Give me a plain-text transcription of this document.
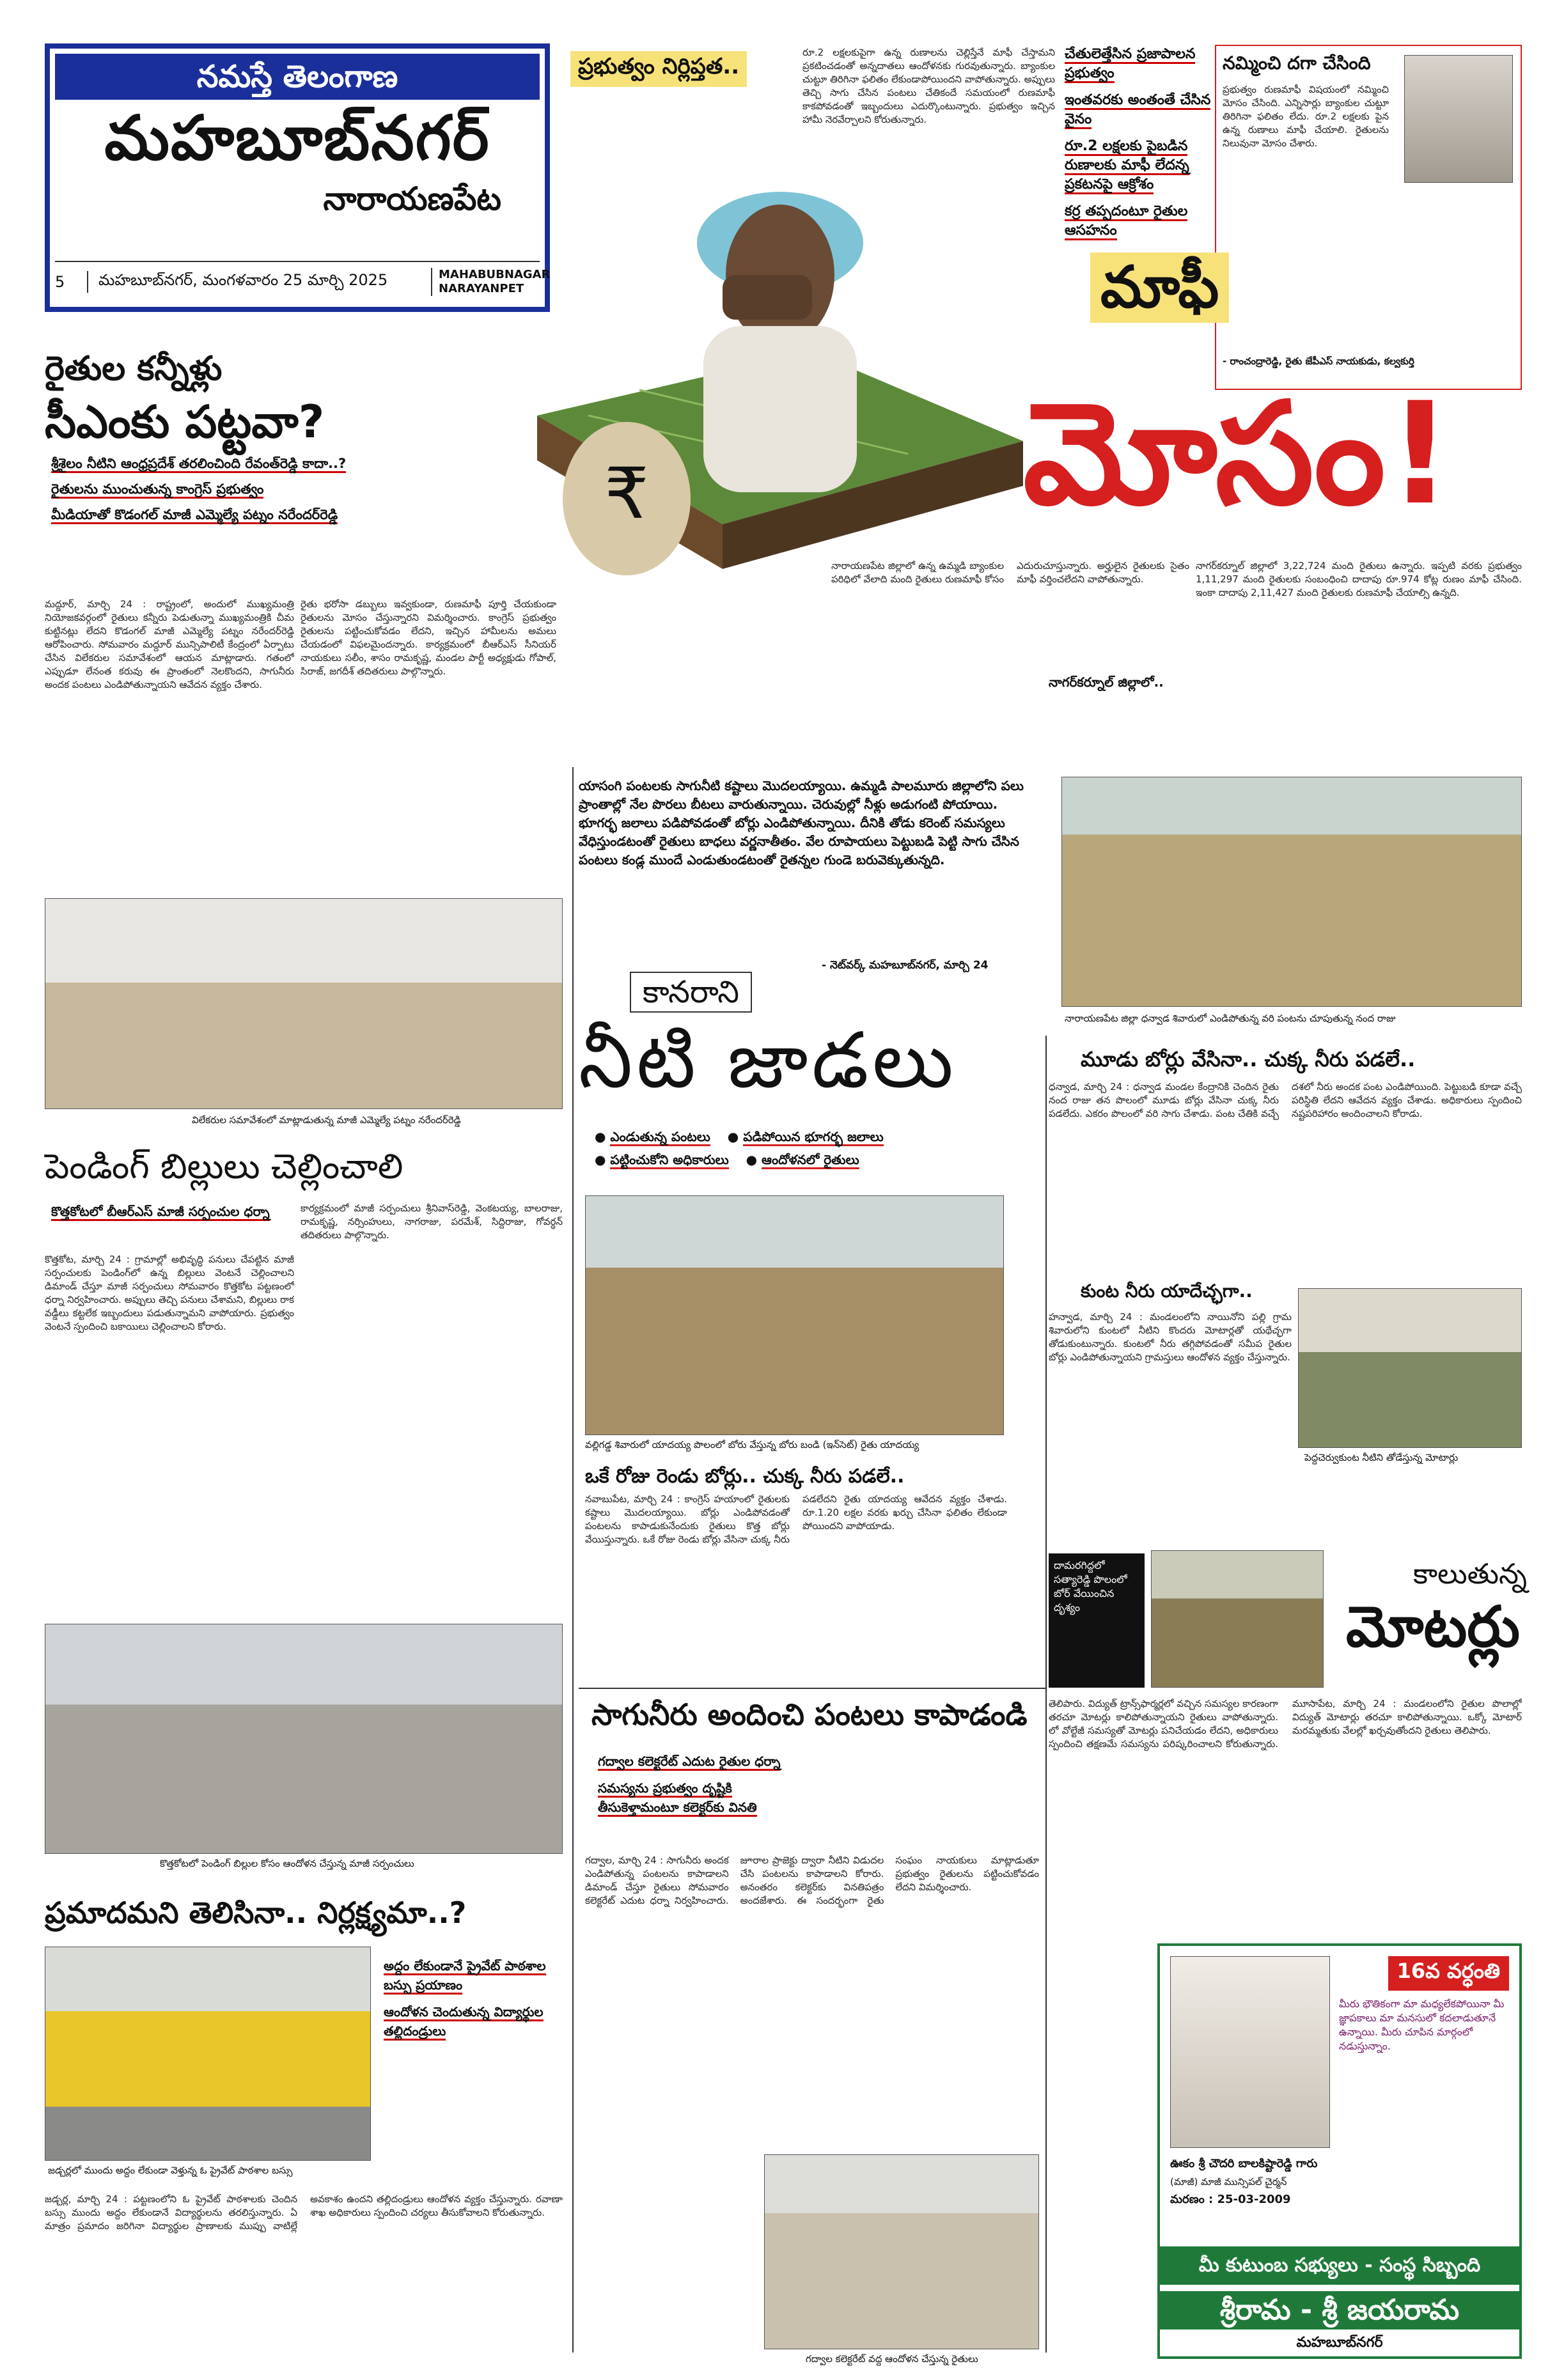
నమస్తే తెలంగాణ
మహబూబ్‌నగర్
నారాయణపేట
5	మహబూబ్‌నగర్, మంగళవారం 25 మార్చి 2025	MAHABUBNAGAR
NARAYANPET
ప్రభుత్వం నిర్లిప్తత..
₹
రూ.2 లక్షలకుపైగా ఉన్న రుణాలను చెల్లిస్తేనే మాఫీ చేస్తామని ప్రకటించడంతో అన్నదాతలు ఆందోళనకు గురవుతున్నారు. బ్యాంకుల చుట్టూ తిరిగినా ఫలితం లేకుండాపోయిందని వాపోతున్నారు. అప్పులు తెచ్చి సాగు చేసిన పంటలు చేతికందే సమయంలో రుణమాఫీ కాకపోవడంతో ఇబ్బందులు ఎదుర్కొంటున్నారు. ప్రభుత్వం ఇచ్చిన హామీ నెరవేర్చాలని కోరుతున్నారు.
చేతులెత్తేసిన ప్రజాపాలన ప్రభుత్వం
ఇంతవరకు అంతంతే చేసిన వైనం
రూ.2 లక్షలకు పైబడిన రుణాలకు మాఫీ లేదన్న ప్రకటనపై ఆక్రోశం
కర్ర తప్పదంటూ రైతుల ఆసహనం
నమ్మించి దగా చేసింది
ప్రభుత్వం రుణమాఫీ విషయంలో నమ్మించి మోసం చేసింది. ఎన్నిసార్లు బ్యాంకుల చుట్టూ తిరిగినా ఫలితం లేదు. రూ.2 లక్షలకు పైన ఉన్న రుణాలు మాఫీ చేయాలి. రైతులను నిలువునా మోసం చేశారు.
- రాంచంద్రారెడ్డి, రైతు జేపీఎస్ నాయకుడు, కల్వకుర్తి
మాఫీ
మోసం!
నారాయణపేట జిల్లాలో ఉన్న ఉమ్మడి బ్యాంకుల పరిధిలో వేలాది మంది రైతులు రుణమాఫీ కోసం ఎదురుచూస్తున్నారు. అర్హులైన రైతులకు సైతం మాఫీ వర్తించలేదని వాపోతున్నారు.
నాగర్‌కర్నూల్ జిల్లాలో..
నాగర్‌కర్నూల్ జిల్లాలో 3,22,724 మంది రైతులు ఉన్నారు. ఇప్పటి వరకు ప్రభుత్వం 1,11,297 మంది రైతులకు సంబంధించి దాదాపు రూ.974 కోట్ల రుణం మాఫీ చేసింది. ఇంకా దాదాపు 2,11,427 మంది రైతులకు రుణమాఫీ చేయాల్సి ఉన్నది.
రైతుల కన్నీళ్లు
సీఎంకు పట్టవా?
శ్రీశైలం నీటిని ఆంధ్రప్రదేశ్ తరలించింది రేవంత్‌రెడ్డి కాదా..?
రైతులను ముంచుతున్న కాంగ్రెస్ ప్రభుత్వం
మీడియాతో కొడంగల్ మాజీ ఎమ్మెల్యే పట్నం నరేందర్‌రెడ్డి
మద్దూర్, మార్చి 24 : రాష్ట్రంలో, అందులో ముఖ్యమంత్రి నియోజకవర్గంలో రైతులు కన్నీరు పెడుతున్నా ముఖ్యమంత్రికి చీమ కుట్టినట్లు లేదని కొడంగల్ మాజీ ఎమ్మెల్యే పట్నం నరేందర్‌రెడ్డి ఆరోపించారు. సోమవారం మద్దూర్ మున్సిపాలిటీ కేంద్రంలో ఏర్పాటు చేసిన విలేకరుల సమావేశంలో ఆయన మాట్లాడారు. గతంలో ఎప్పుడూ లేనంత కరువు ఈ ప్రాంతంలో నెలకొందని, సాగునీరు అందక పంటలు ఎండిపోతున్నాయని ఆవేదన వ్యక్తం చేశారు.
రైతు భరోసా డబ్బులు ఇవ్వకుండా, రుణమాఫీ పూర్తి చేయకుండా రైతులను మోసం చేస్తున్నారని విమర్శించారు. కాంగ్రెస్ ప్రభుత్వం రైతులను పట్టించుకోవడం లేదని, ఇచ్చిన హామీలను అమలు చేయడంలో విఫలమైందన్నారు. కార్యక్రమంలో బీఆర్ఎస్ సీనియర్ నాయకులు సలీం, శాసం రామకృష్ణ, మండల పార్టీ అధ్యక్షుడు గోపాల్, సిరాజ్, జగదీశ్ తదితరులు పాల్గొన్నారు.
విలేకరుల సమావేశంలో మాట్లాడుతున్న మాజీ ఎమ్మెల్యే పట్నం నరేందర్‌రెడ్డి
యాసంగి పంటలకు సాగునీటి కష్టాలు మొదలయ్యాయి. ఉమ్మడి పాలమూరు జిల్లాలోని పలు ప్రాంతాల్లో నేల పొరలు బీటలు వారుతున్నాయి. చెరువుల్లో నీళ్లు అడుగంటి పోయాయి. భూగర్భ జలాలు పడిపోవడంతో బోర్లు ఎండిపోతున్నాయి. దీనికి తోడు కరెంట్ సమస్యలు వేధిస్తుండటంతో రైతులు బాధలు వర్ణనాతీతం. వేల రూపాయలు పెట్టుబడి పెట్టి సాగు చేసిన పంటలు కండ్ల ముందే ఎండుతుండటంతో రైతన్నల గుండె బరువెక్కుతున్నది.
- నెట్‌వర్క్ మహబూబ్‌నగర్, మార్చి 24
నారాయణపేట జిల్లా ధన్వాడ శివారులో ఎండిపోతున్న వరి పంటను చూపుతున్న నంద రాజు
కానరాని
నీటి జాడలు
● ఎండుతున్న పంటలు ● పడిపోయిన భూగర్భ జలాలు
● పట్టించుకోని అధికారులు ● ఆందోళనలో రైతులు
వల్లిగడ్డ శివారులో యాదయ్య పొలంలో బోరు వేస్తున్న బోరు బండి (ఇన్‌సెట్) రైతు యాదయ్య
ఒకే రోజు రెండు బోర్లు.. చుక్క నీరు పడలే..
నవాబుపేట, మార్చి 24 : కాంగ్రెస్ హయాంలో రైతులకు కష్టాలు మొదలయ్యాయి. బోర్లు ఎండిపోవడంతో పంటలను కాపాడుకునేందుకు రైతులు కొత్త బోర్లు వేయిస్తున్నారు. ఒకే రోజు రెండు బోర్లు వేసినా చుక్క నీరు పడలేదని రైతు యాదయ్య ఆవేదన వ్యక్తం చేశాడు. రూ.1.20 లక్షల వరకు ఖర్చు చేసినా ఫలితం లేకుండా పోయిందని వాపోయాడు.
మూడు బోర్లు వేసినా.. చుక్క నీరు పడలే..
ధన్వాడ, మార్చి 24 : ధన్వాడ మండల కేంద్రానికి చెందిన రైతు నంద రాజు తన పొలంలో మూడు బోర్లు వేసినా చుక్క నీరు పడలేదు. ఎకరం పొలంలో వరి సాగు చేశాడు. పంట చేతికి వచ్చే దశలో నీరు అందక పంట ఎండిపోయింది. పెట్టుబడి కూడా వచ్చే పరిస్థితి లేదని ఆవేదన వ్యక్తం చేశాడు. అధికారులు స్పందించి నష్టపరిహారం అందించాలని కోరాడు.
కుంట నీరు యాదేచ్ఛగా..
హన్వాడ, మార్చి 24 : మండలంలోని నాయినోని పల్లి గ్రామ శివారులోని కుంటలో నీటిని కొందరు మోటార్లతో యథేచ్ఛగా తోడుకుంటున్నారు. కుంటలో నీరు తగ్గిపోవడంతో సమీప రైతుల బోర్లు ఎండిపోతున్నాయని గ్రామస్తులు ఆందోళన వ్యక్తం చేస్తున్నారు.
పెద్దచెర్వుకుంట నీటిని తోడేస్తున్న మోటార్లు
దామరగిద్దలో సత్యారెడ్డి పొలంలో బోర్ వేయించిన దృశ్యం
కాలుతున్న
మోటర్లు
తెలిపారు. విద్యుత్ ట్రాన్స్‌ఫార్మర్లలో వచ్చిన సమస్యల కారణంగా తరచూ మోటర్లు కాలిపోతున్నాయని రైతులు వాపోతున్నారు. లో వోల్టేజీ సమస్యతో మోటర్లు పనిచేయడం లేదని, అధికారులు స్పందించి తక్షణమే సమస్యను పరిష్కరించాలని కోరుతున్నారు. మూసాపేట, మార్చి 24 : మండలంలోని రైతుల పొలాల్లో విద్యుత్ మోటార్లు తరచూ కాలిపోతున్నాయి. ఒక్కో మోటార్ మరమ్మతుకు వేలల్లో ఖర్చవుతోందని రైతులు తెలిపారు.
పెండింగ్ బిల్లులు చెల్లించాలి
కొత్తకోటలో బీఆర్ఎస్ మాజీ సర్పంచుల ధర్నా
కొత్తకోట, మార్చి 24 : గ్రామాల్లో అభివృద్ధి పనులు చేపట్టిన మాజీ సర్పంచులకు పెండింగ్‌లో ఉన్న బిల్లులు వెంటనే చెల్లించాలని డిమాండ్ చేస్తూ మాజీ సర్పంచులు సోమవారం కొత్తకోట పట్టణంలో ధర్నా నిర్వహించారు. అప్పులు తెచ్చి పనులు చేశామని, బిల్లులు రాక వడ్డీలు కట్టలేక ఇబ్బందులు పడుతున్నామని వాపోయారు. ప్రభుత్వం వెంటనే స్పందించి బకాయిలు చెల్లించాలని కోరారు.
కార్యక్రమంలో మాజీ సర్పంచులు శ్రీనివాస్‌రెడ్డి, వెంకటయ్య, బాలరాజు, రామకృష్ణ, నర్సింహులు, నాగరాజు, పరమేశ్, సిద్దిరాజు, గోవర్ధన్ తదితరులు పాల్గొన్నారు.
కొత్తకోటలో పెండింగ్ బిల్లుల కోసం ఆందోళన చేస్తున్న మాజీ సర్పంచులు
ప్రమాదమని తెలిసినా.. నిర్లక్ష్యమా..?
జడ్చర్లలో ముందు అద్దం లేకుండా వెళ్తున్న ఓ ప్రైవేట్ పాఠశాల బస్సు
అద్దం లేకుండానే ప్రైవేట్ పాఠశాల బస్సు ప్రయాణం
ఆందోళన చెందుతున్న విద్యార్థుల తల్లిదండ్రులు
జడ్చర్ల, మార్చి 24 : పట్టణంలోని ఓ ప్రైవేట్ పాఠశాలకు చెందిన బస్సు ముందు అద్దం లేకుండానే విద్యార్థులను తరలిస్తున్నారు. ఏ మాత్రం ప్రమాదం జరిగినా విద్యార్థుల ప్రాణాలకు ముప్పు వాటిల్లే అవకాశం ఉందని తల్లిదండ్రులు ఆందోళన వ్యక్తం చేస్తున్నారు. రవాణా శాఖ అధికారులు స్పందించి చర్యలు తీసుకోవాలని కోరుతున్నారు.
సాగునీరు అందించి పంటలు కాపాడండి
గద్వాల కలెక్టరేట్ ఎదుట రైతుల ధర్నా
సమస్యను ప్రభుత్వం దృష్టికి తీసుకెళ్తామంటూ కలెక్టర్‌కు వినతి
గద్వాల, మార్చి 24 : సాగునీరు అందక ఎండిపోతున్న పంటలను కాపాడాలని డిమాండ్ చేస్తూ రైతులు సోమవారం కలెక్టరేట్ ఎదుట ధర్నా నిర్వహించారు. జూరాల ప్రాజెక్టు ద్వారా నీటిని విడుదల చేసి పంటలను కాపాడాలని కోరారు. అనంతరం కలెక్టర్‌కు వినతిపత్రం అందజేశారు. ఈ సందర్భంగా రైతు సంఘం నాయకులు మాట్లాడుతూ ప్రభుత్వం రైతులను పట్టించుకోవడం లేదని విమర్శించారు.
గద్వాల కలెక్టరేట్ వద్ద ఆందోళన చేస్తున్న రైతులు
16వ వర్ధంతి
మీరు భౌతికంగా మా మధ్యలేకపోయినా మీ జ్ఞాపకాలు మా మనసులో కదలాడుతూనే ఉన్నాయి. మీరు చూపిన మార్గంలో నడుస్తున్నాం.
ఊకం శ్రీ చౌదరి బాలకిష్టారెడ్డి గారు
(మాజీ) మాజీ మున్సిపల్ చైర్మన్
మరణం : 25-03-2009
మీ కుటుంబ సభ్యులు - సంస్థ సిబ్బంది
శ్రీరామ - శ్రీ జయరామ
మహబూబ్‌నగర్
